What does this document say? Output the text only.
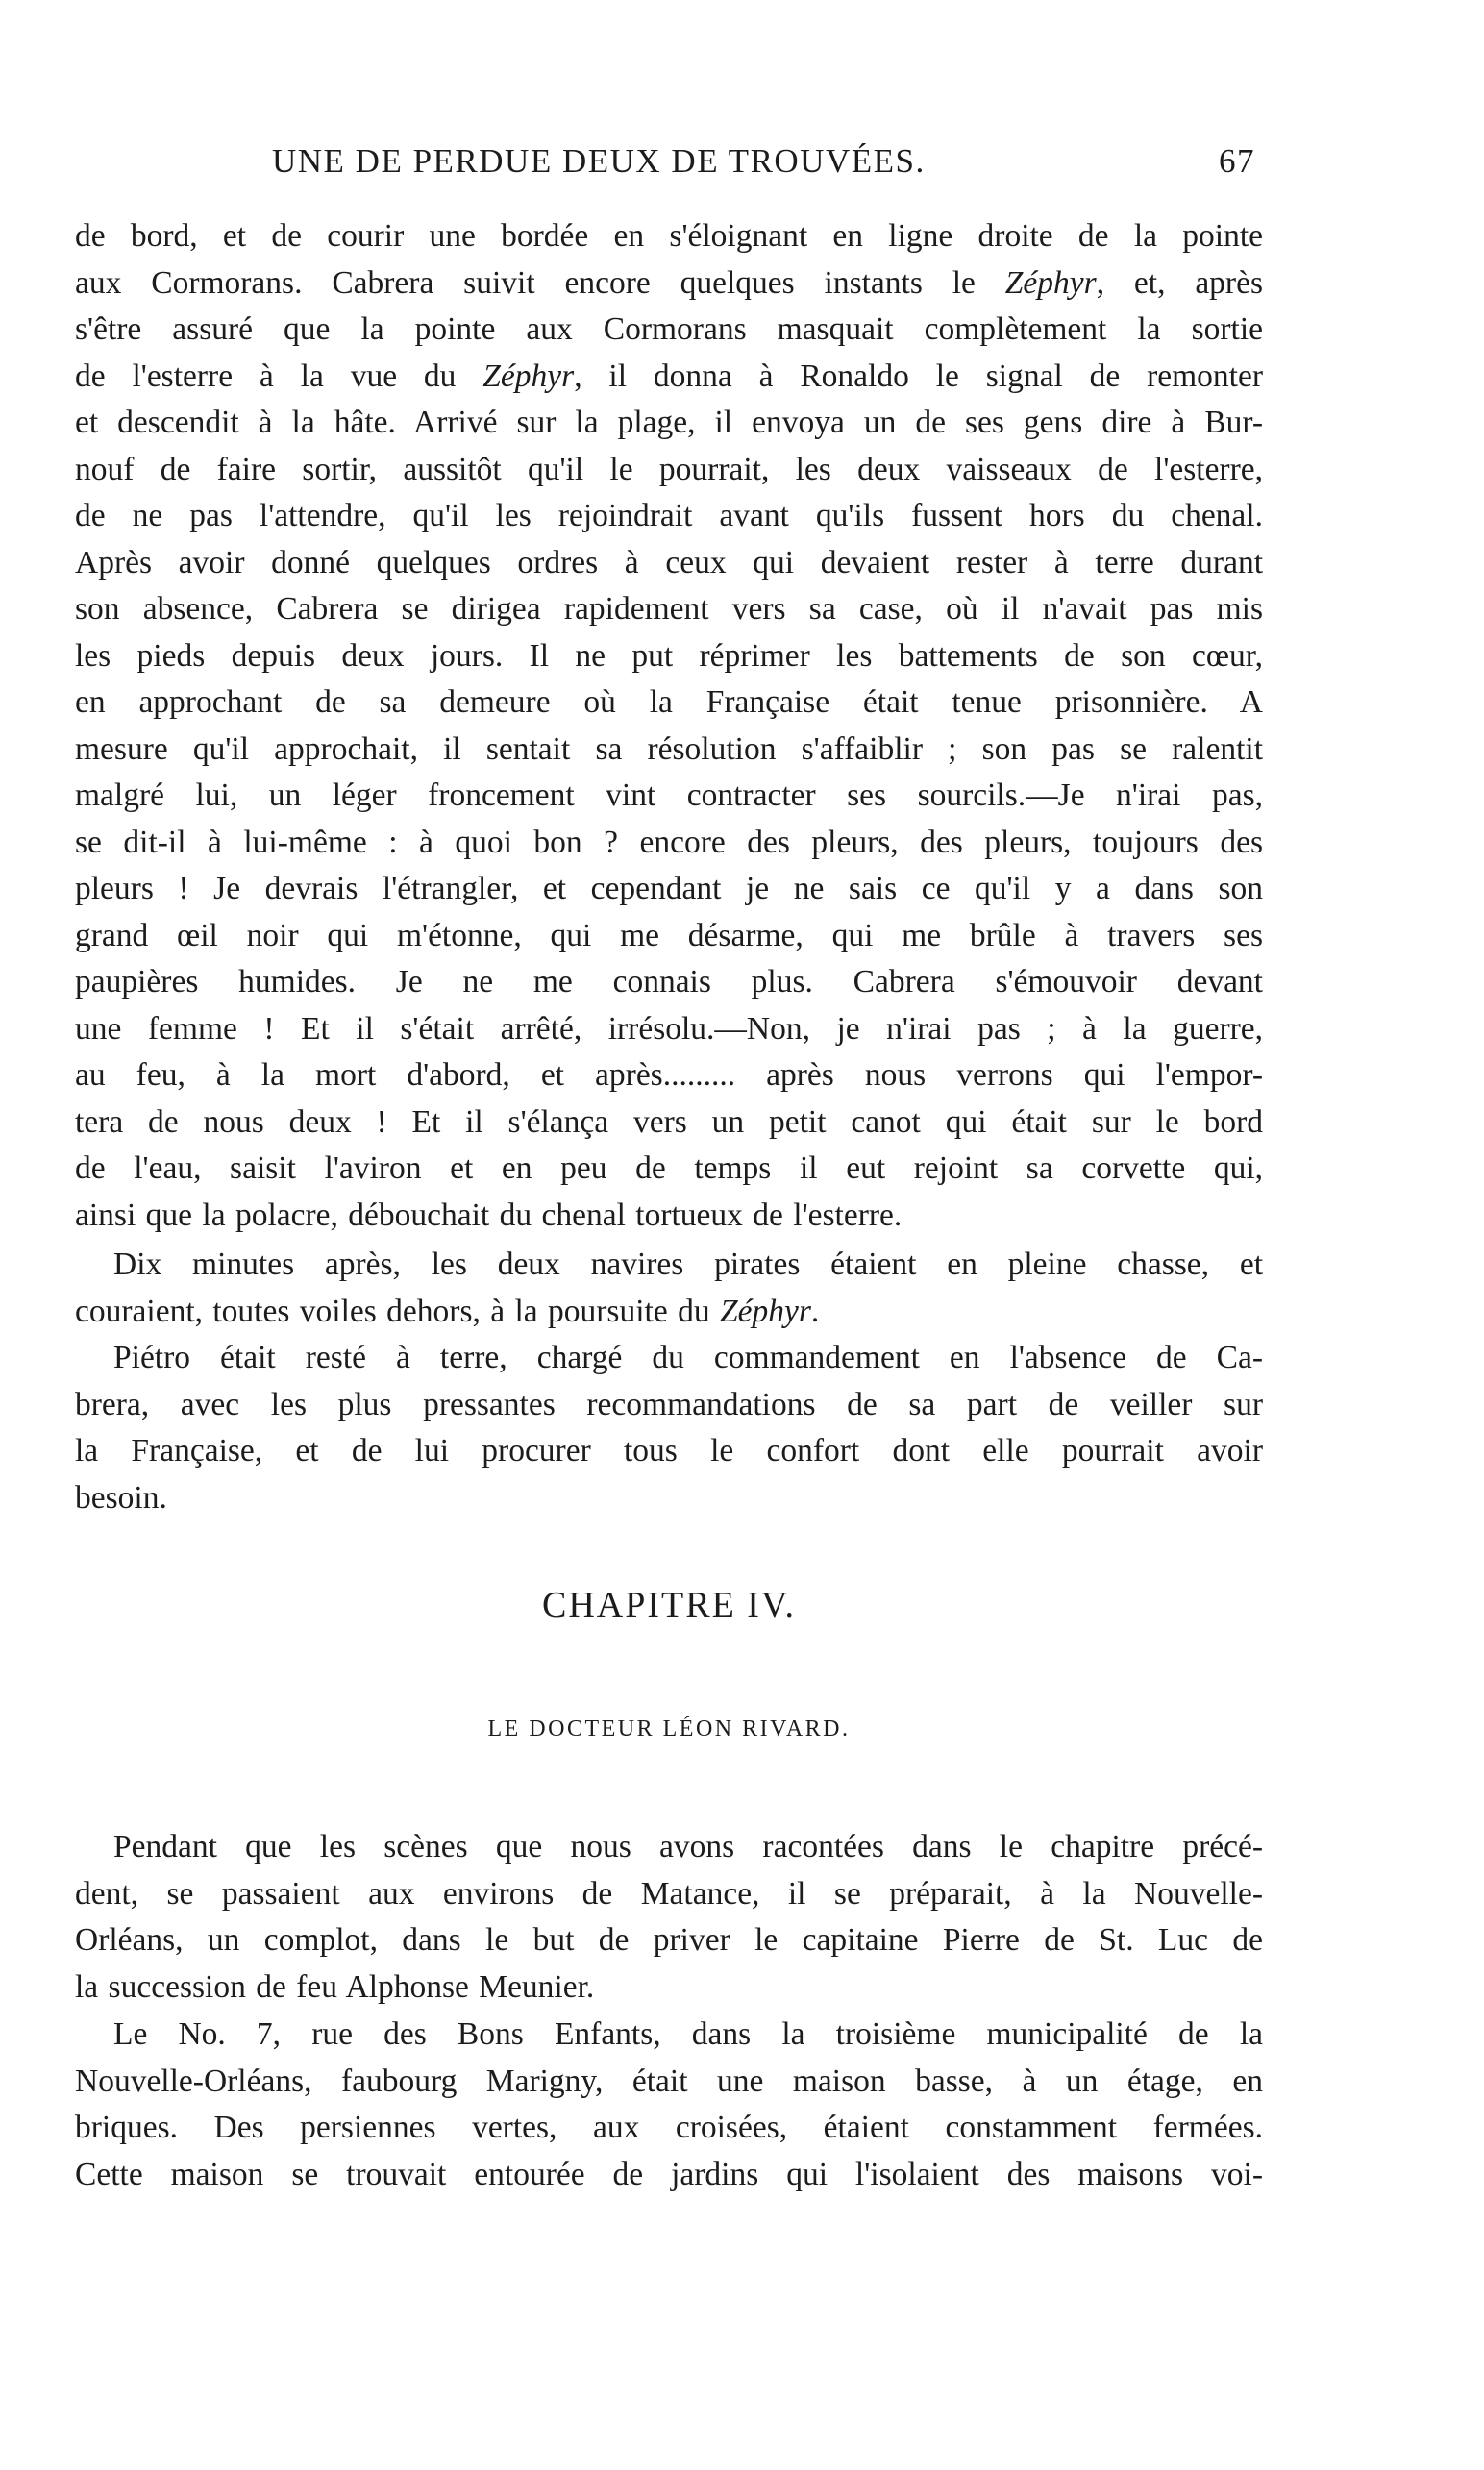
UNE DE PERDUE DEUX DE TROUVÉES.	67

de bord, et de courir une bordée en s'éloignant en ligne droite de la pointe
aux Cormorans. Cabrera suivit encore quelques instants le Zéphyr, et, après
s'être assuré que la pointe aux Cormorans masquait complètement la sortie
de l'esterre à la vue du Zéphyr, il donna à Ronaldo le signal de remonter
et descendit à la hâte. Arrivé sur la plage, il envoya un de ses gens dire à Bur-
nouf de faire sortir, aussitôt qu'il le pourrait, les deux vaisseaux de l'esterre,
de ne pas l'attendre, qu'il les rejoindrait avant qu'ils fussent hors du chenal.
Après avoir donné quelques ordres à ceux qui devaient rester à terre durant
son absence, Cabrera se dirigea rapidement vers sa case, où il n'avait pas mis
les pieds depuis deux jours. Il ne put réprimer les battements de son cœur,
en approchant de sa demeure où la Française était tenue prisonnière. A
mesure qu'il approchait, il sentait sa résolution s'affaiblir ; son pas se ralentit
malgré lui, un léger froncement vint contracter ses sourcils.—Je n'irai pas,
se dit-il à lui-même : à quoi bon ? encore des pleurs, des pleurs, toujours des
pleurs ! Je devrais l'étrangler, et cependant je ne sais ce qu'il y a dans son
grand œil noir qui m'étonne, qui me désarme, qui me brûle à travers ses
paupières humides. Je ne me connais plus. Cabrera s'émouvoir devant
une femme ! Et il s'était arrêté, irrésolu.—Non, je n'irai pas ; à la guerre,
au feu, à la mort d'abord, et après......... après nous verrons qui l'empor-
tera de nous deux ! Et il s'élança vers un petit canot qui était sur le bord
de l'eau, saisit l'aviron et en peu de temps il eut rejoint sa corvette qui,
ainsi que la polacre, débouchait du chenal tortueux de l'esterre.

Dix minutes après, les deux navires pirates étaient en pleine chasse, et
couraient, toutes voiles dehors, à la poursuite du Zéphyr.

Piétro était resté à terre, chargé du commandement en l'absence de Ca-
brera, avec les plus pressantes recommandations de sa part de veiller sur
la Française, et de lui procurer tous le confort dont elle pourrait avoir
besoin.

CHAPITRE IV.
LE DOCTEUR LÉON RIVARD.

Pendant que les scènes que nous avons racontées dans le chapitre précé-
dent, se passaient aux environs de Matance, il se préparait, à la Nouvelle-
Orléans, un complot, dans le but de priver le capitaine Pierre de St. Luc de
la succession de feu Alphonse Meunier.

Le No. 7, rue des Bons Enfants, dans la troisième municipalité de la
Nouvelle-Orléans, faubourg Marigny, était une maison basse, à un étage, en
briques. Des persiennes vertes, aux croisées, étaient constamment fermées.
Cette maison se trouvait entourée de jardins qui l'isolaient des maisons voi-
